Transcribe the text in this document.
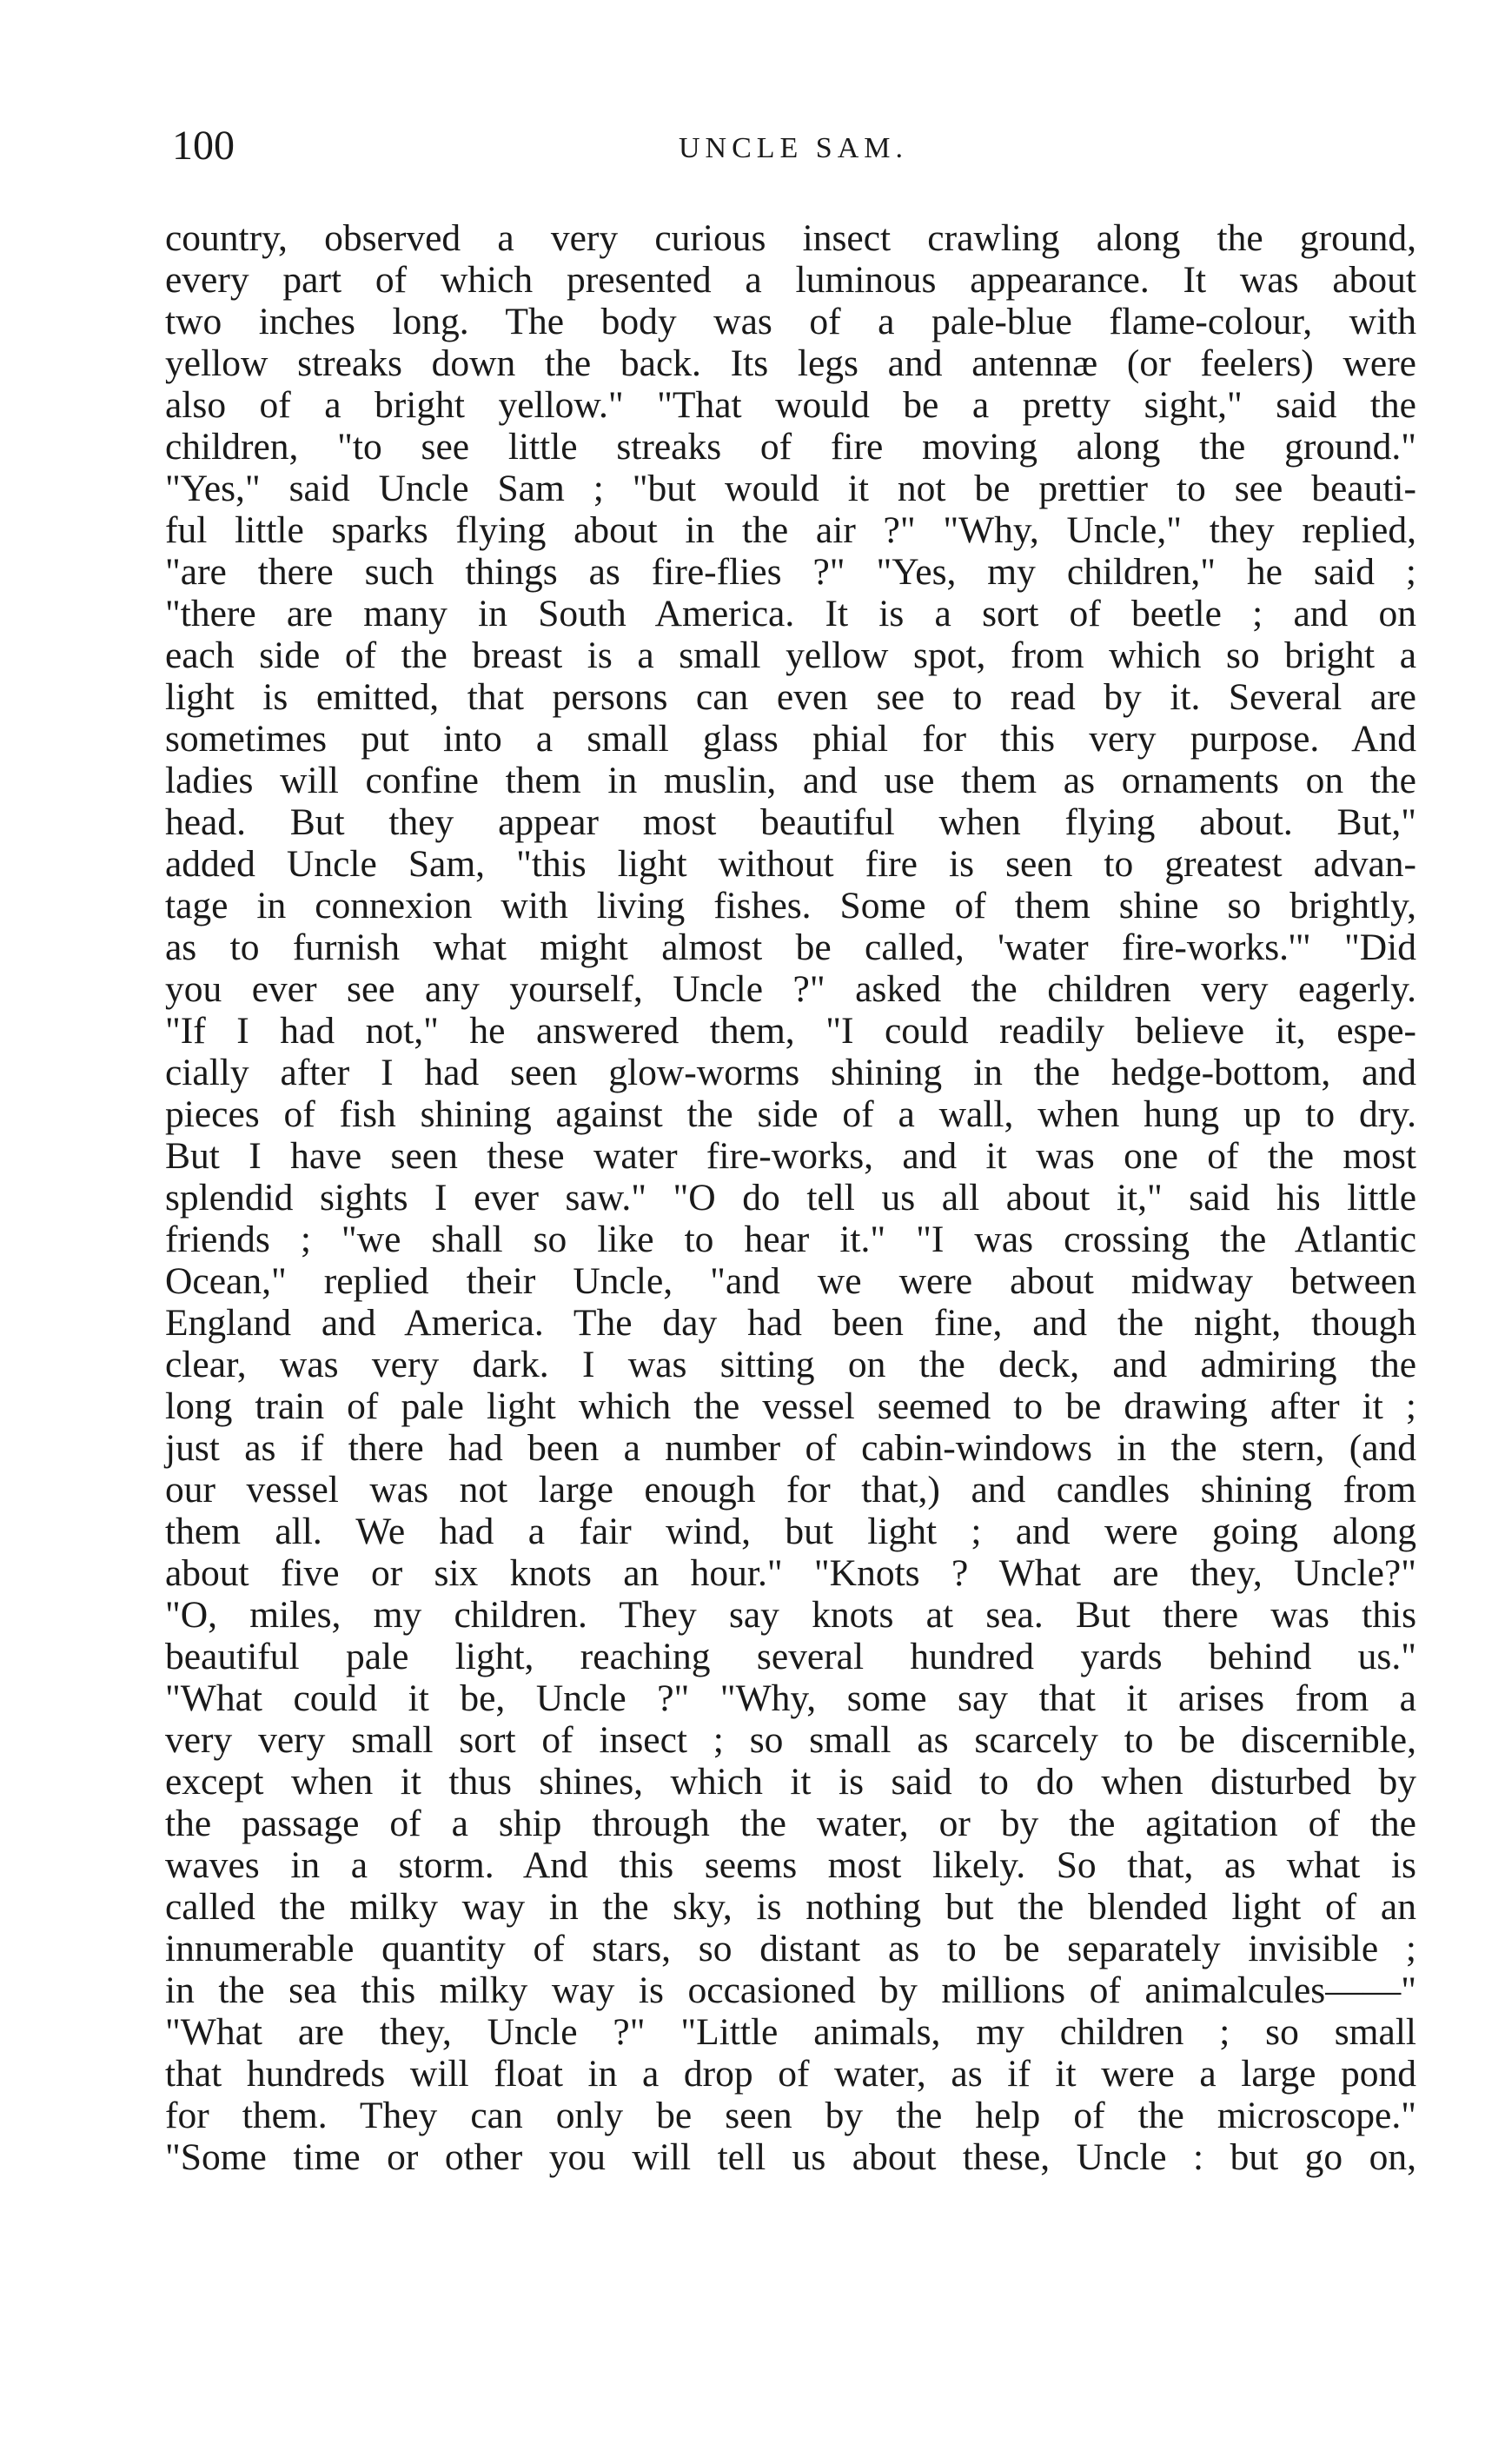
100	UNCLE SAM.
country, observed a very curious insect crawling along the ground,
every part of which presented a luminous appearance. It was about
two inches long. The body was of a pale-blue flame-colour, with
yellow streaks down the back. Its legs and antennæ (or feelers) were
also of a bright yellow." "That would be a pretty sight," said the
children, "to see little streaks of fire moving along the ground."
"Yes," said Uncle Sam ; "but would it not be prettier to see beauti-
ful little sparks flying about in the air ?" "Why, Uncle," they replied,
"are there such things as fire-flies ?" "Yes, my children," he said ;
"there are many in South America. It is a sort of beetle ; and on
each side of the breast is a small yellow spot, from which so bright a
light is emitted, that persons can even see to read by it. Several are
sometimes put into a small glass phial for this very purpose. And
ladies will confine them in muslin, and use them as ornaments on the
head. But they appear most beautiful when flying about. But,"
added Uncle Sam, "this light without fire is seen to greatest advan-
tage in connexion with living fishes. Some of them shine so brightly,
as to furnish what might almost be called, 'water fire-works.'" "Did
you ever see any yourself, Uncle ?" asked the children very eagerly.
"If I had not," he answered them, "I could readily believe it, espe-
cially after I had seen glow-worms shining in the hedge-bottom, and
pieces of fish shining against the side of a wall, when hung up to dry.
But I have seen these water fire-works, and it was one of the most
splendid sights I ever saw." "O do tell us all about it," said his little
friends ; "we shall so like to hear it." "I was crossing the Atlantic
Ocean," replied their Uncle, "and we were about midway between
England and America. The day had been fine, and the night, though
clear, was very dark. I was sitting on the deck, and admiring the
long train of pale light which the vessel seemed to be drawing after it ;
just as if there had been a number of cabin-windows in the stern, (and
our vessel was not large enough for that,) and candles shining from
them all. We had a fair wind, but light ; and were going along
about five or six knots an hour." "Knots ? What are they, Uncle?"
"O, miles, my children. They say knots at sea. But there was this
beautiful pale light, reaching several hundred yards behind us."
"What could it be, Uncle ?" "Why, some say that it arises from a
very very small sort of insect ; so small as scarcely to be discernible,
except when it thus shines, which it is said to do when disturbed by
the passage of a ship through the water, or by the agitation of the
waves in a storm. And this seems most likely. So that, as what is
called the milky way in the sky, is nothing but the blended light of an
innumerable quantity of stars, so distant as to be separately invisible ;
in the sea this milky way is occasioned by millions of animalcules——"
"What are they, Uncle ?" "Little animals, my children ; so small
that hundreds will float in a drop of water, as if it were a large pond
for them. They can only be seen by the help of the microscope."
"Some time or other you will tell us about these, Uncle : but go on,
